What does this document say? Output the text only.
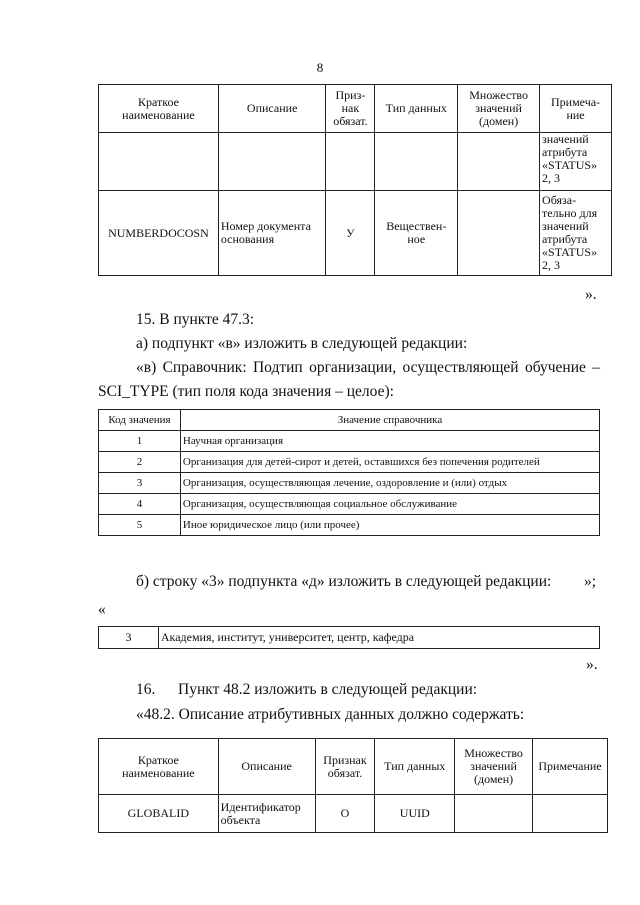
8
Краткое наименование	Описание	Приз-нак обязат.	Тип данных	Множество значений (домен)	Примеча-ние
					значений атрибута «STATUS» 2, 3
NUMBERDOCOSN	Номер документа основания	У	Веществен-ное		Обяза-тельно для значений атрибута «STATUS» 2, 3
».
15. В пункте 47.3:
а) подпункт «в» изложить в следующей редакции:
«в) Справочник: Подтип организации, осуществляющей обучение –
SCI_TYPE (тип поля кода значения – целое):
Код значения	Значение справочника
1	Научная организация
2	Организация для детей-сирот и детей, оставшихся без попечения родителей
3	Организация, осуществляющая лечение, оздоровление и (или) отдых
4	Организация, осуществляющая социальное обслуживание
5	Иное юридическое лицо (или прочее)
»;
б) строку «3» подпункта «д» изложить в следующей редакции:
«
3	Академия, институт, университет, центр, кафедра
».
16. Пункт 48.2 изложить в следующей редакции:
«48.2. Описание атрибутивных данных должно содержать:
Краткое наименование	Описание	Признак обязат.	Тип данных	Множество значений (домен)	Примечание
GLOBALID	Идентификатор объекта	О	UUID		
